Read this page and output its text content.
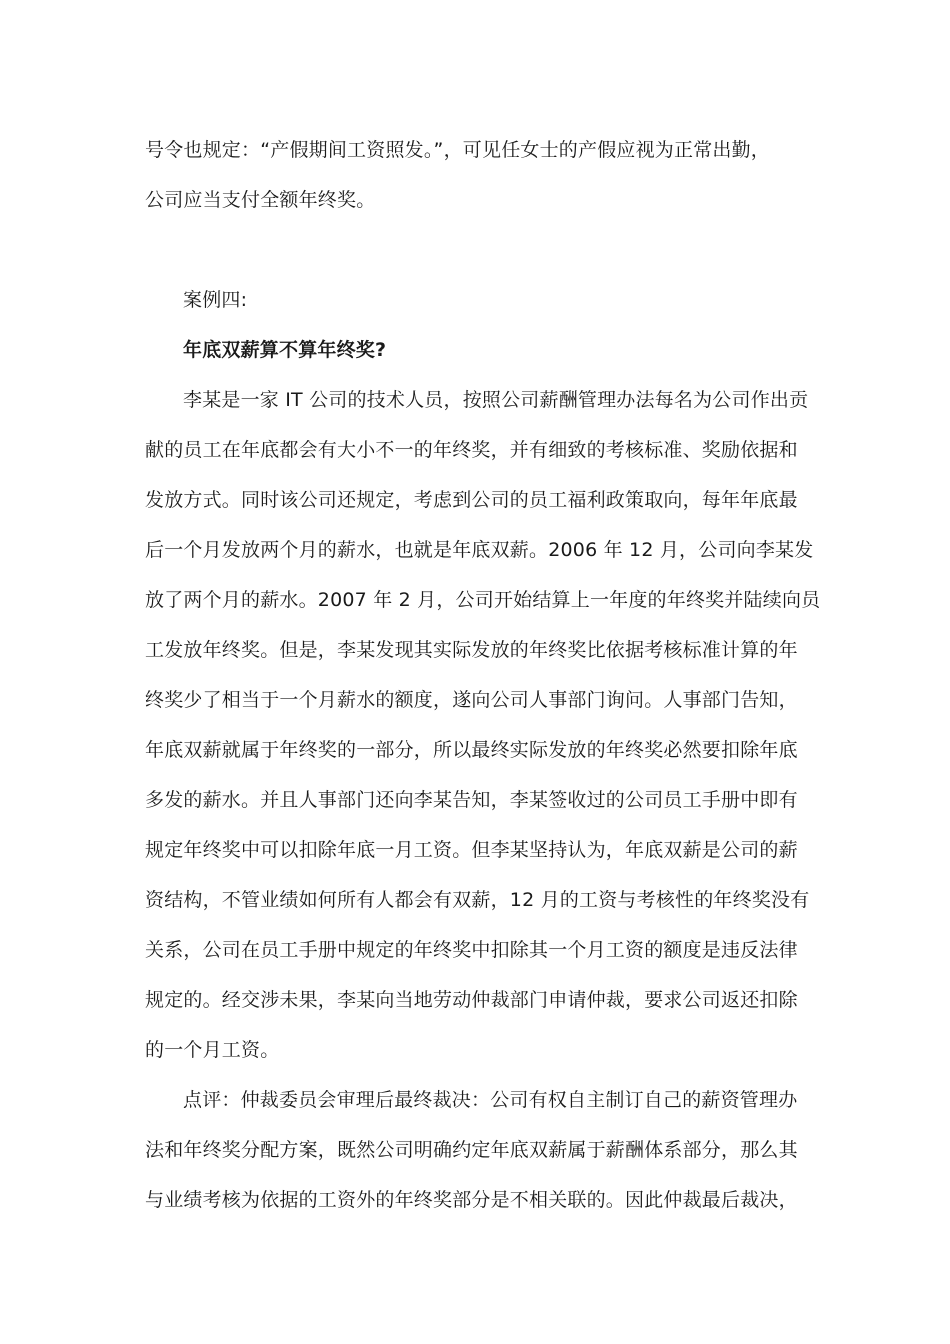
号令也规定：“产假期间工资照发。”，可见任女士的产假应视为正常出勤，
公司应当支付全额年终奖。
案例四:
年底双薪算不算年终奖?
李某是一家 IT 公司的技术人员，按照公司薪酬管理办法每名为公司作出贡
献的员工在年底都会有大小不一的年终奖，并有细致的考核标准、奖励依据和
发放方式。同时该公司还规定，考虑到公司的员工福利政策取向，每年年底最
后一个月发放两个月的薪水，也就是年底双薪。2006 年 12 月，公司向李某发
放了两个月的薪水。2007 年 2 月，公司开始结算上一年度的年终奖并陆续向员
工发放年终奖。但是，李某发现其实际发放的年终奖比依据考核标准计算的年
终奖少了相当于一个月薪水的额度，遂向公司人事部门询问。人事部门告知，
年底双薪就属于年终奖的一部分，所以最终实际发放的年终奖必然要扣除年底
多发的薪水。并且人事部门还向李某告知，李某签收过的公司员工手册中即有
规定年终奖中可以扣除年底一月工资。但李某坚持认为，年底双薪是公司的薪
资结构，不管业绩如何所有人都会有双薪，12 月的工资与考核性的年终奖没有
关系，公司在员工手册中规定的年终奖中扣除其一个月工资的额度是违反法律
规定的。经交涉未果，李某向当地劳动仲裁部门申请仲裁，要求公司返还扣除
的一个月工资。
点评：仲裁委员会审理后最终裁决：公司有权自主制订自己的薪资管理办
法和年终奖分配方案，既然公司明确约定年底双薪属于薪酬体系部分，那么其
与业绩考核为依据的工资外的年终奖部分是不相关联的。因此仲裁最后裁决，
